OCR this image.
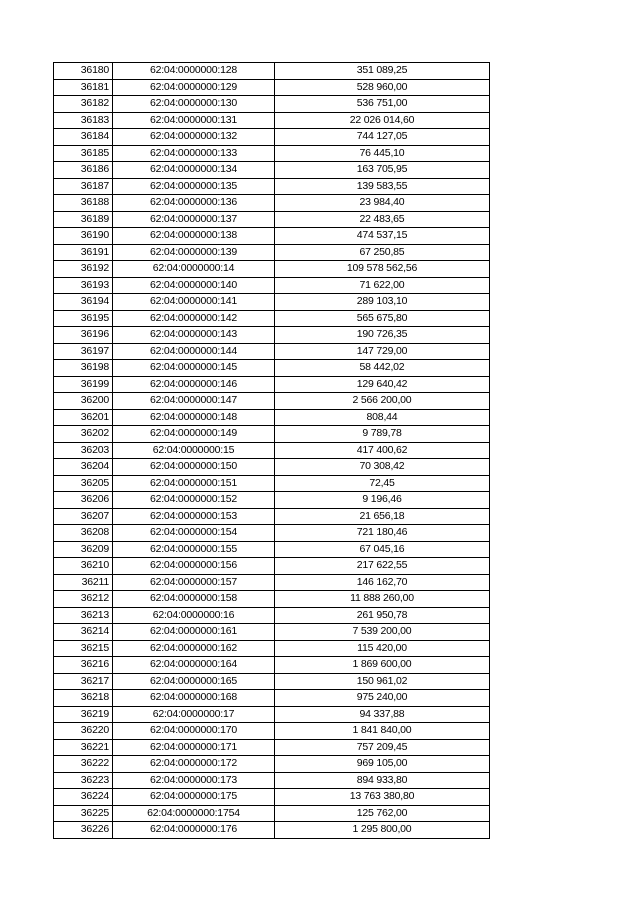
36180	62:04:0000000:128	351 089,25
36181	62:04:0000000:129	528 960,00
36182	62:04:0000000:130	536 751,00
36183	62:04:0000000:131	22 026 014,60
36184	62:04:0000000:132	744 127,05
36185	62:04:0000000:133	76 445,10
36186	62:04:0000000:134	163 705,95
36187	62:04:0000000:135	139 583,55
36188	62:04:0000000:136	23 984,40
36189	62:04:0000000:137	22 483,65
36190	62:04:0000000:138	474 537,15
36191	62:04:0000000:139	67 250,85
36192	62:04:0000000:14	109 578 562,56
36193	62:04:0000000:140	71 622,00
36194	62:04:0000000:141	289 103,10
36195	62:04:0000000:142	565 675,80
36196	62:04:0000000:143	190 726,35
36197	62:04:0000000:144	147 729,00
36198	62:04:0000000:145	58 442,02
36199	62:04:0000000:146	129 640,42
36200	62:04:0000000:147	2 566 200,00
36201	62:04:0000000:148	808,44
36202	62:04:0000000:149	9 789,78
36203	62:04:0000000:15	417 400,62
36204	62:04:0000000:150	70 308,42
36205	62:04:0000000:151	72,45
36206	62:04:0000000:152	9 196,46
36207	62:04:0000000:153	21 656,18
36208	62:04:0000000:154	721 180,46
36209	62:04:0000000:155	67 045,16
36210	62:04:0000000:156	217 622,55
36211	62:04:0000000:157	146 162,70
36212	62:04:0000000:158	11 888 260,00
36213	62:04:0000000:16	261 950,78
36214	62:04:0000000:161	7 539 200,00
36215	62:04:0000000:162	115 420,00
36216	62:04:0000000:164	1 869 600,00
36217	62:04:0000000:165	150 961,02
36218	62:04:0000000:168	975 240,00
36219	62:04:0000000:17	94 337,88
36220	62:04:0000000:170	1 841 840,00
36221	62:04:0000000:171	757 209,45
36222	62:04:0000000:172	969 105,00
36223	62:04:0000000:173	894 933,80
36224	62:04:0000000:175	13 763 380,80
36225	62:04:0000000:1754	125 762,00
36226	62:04:0000000:176	1 295 800,00
